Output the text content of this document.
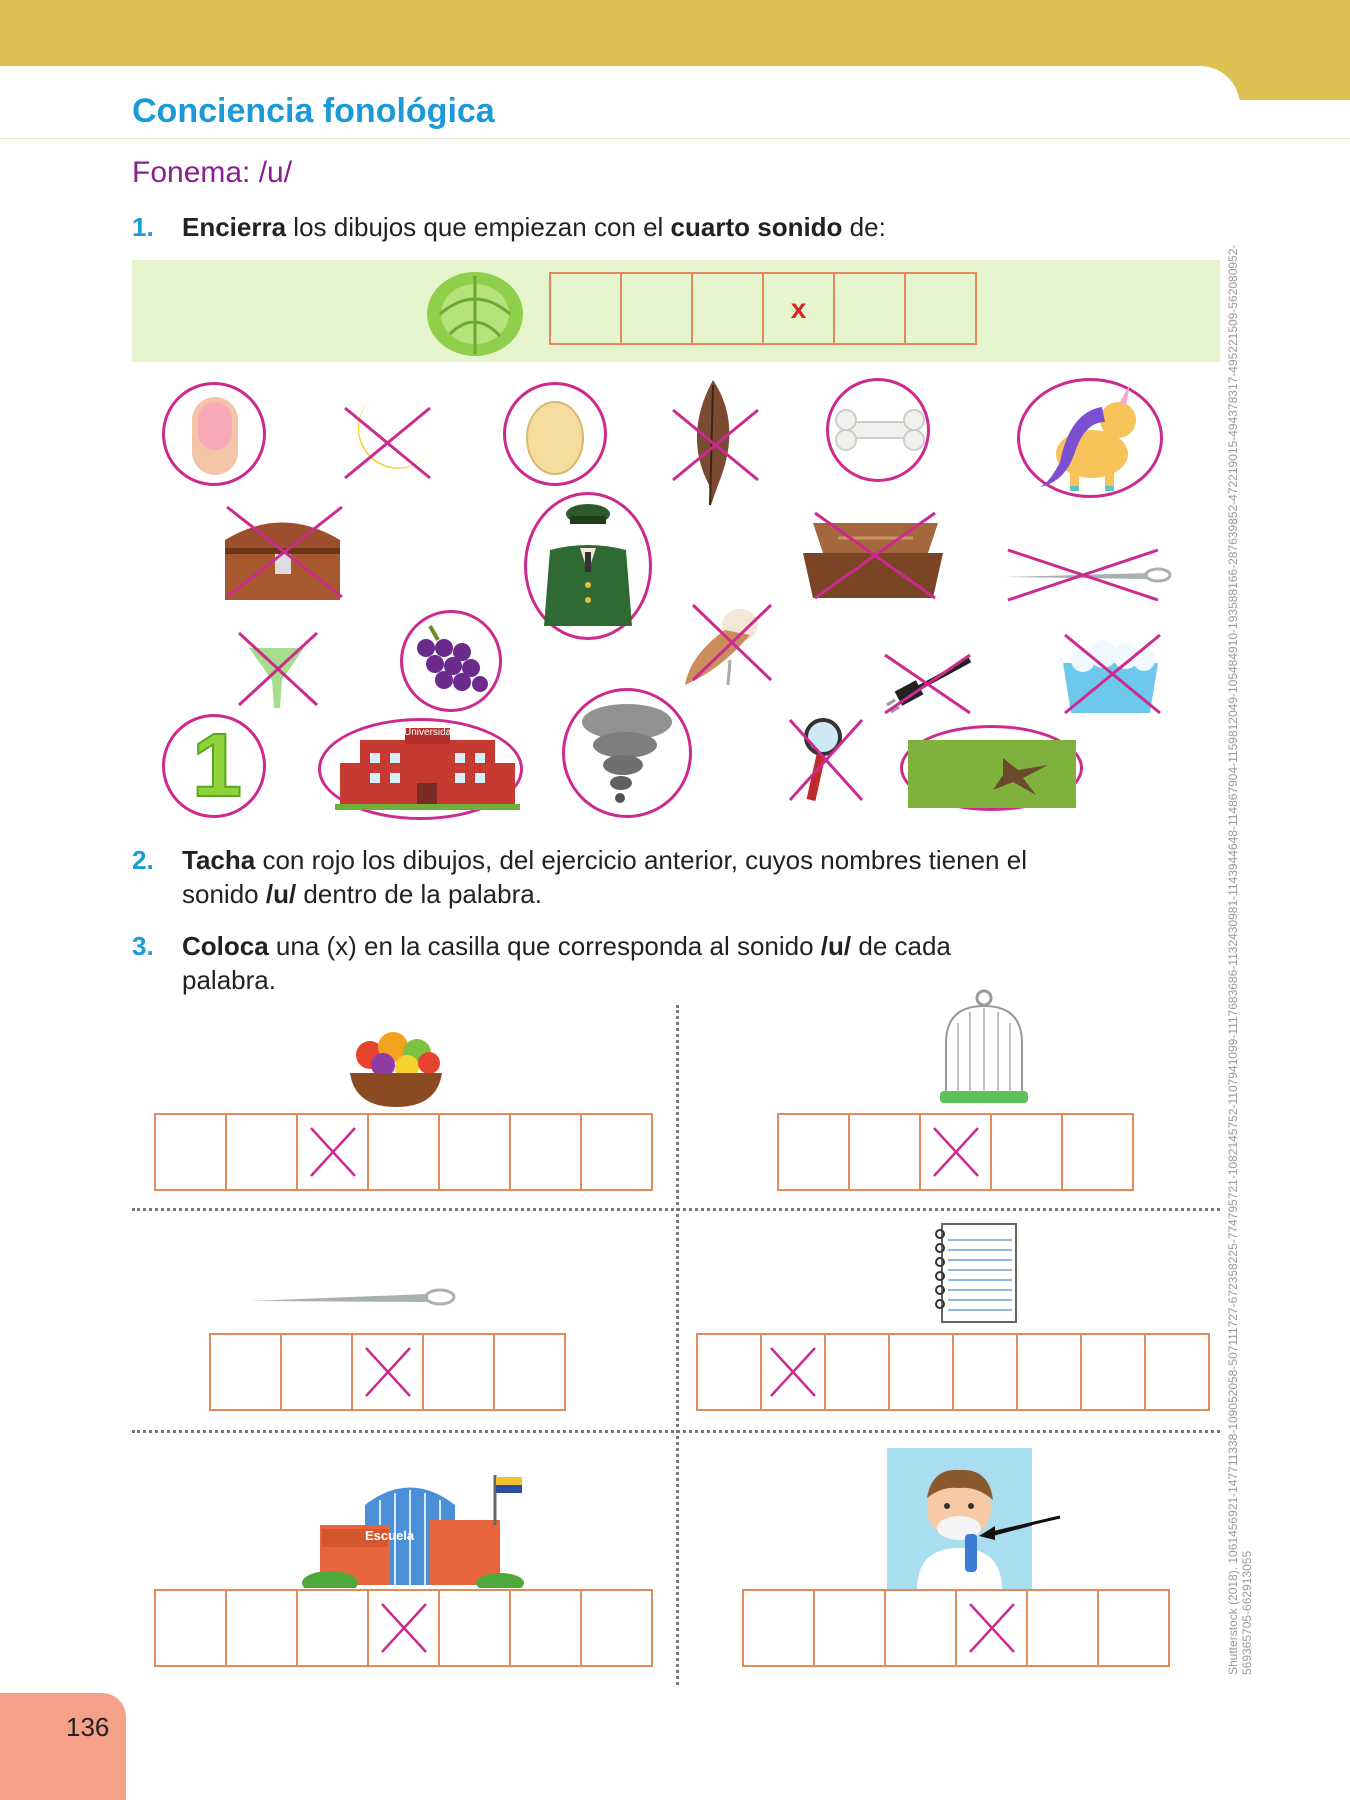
Conciencia fonológica
Fonema: /u/
1. Encierra los dibujos que empiezan con el cuarto sonido de:
x
1	Universidad
2. Tacha con rojo los dibujos, del ejercicio anterior, cuyos nombres tienen el
sonido /u/ dentro de la palabra.
3. Coloca una (x) en la casilla que corresponda al sonido /u/ de cada
palabra.
Escuela
136
Shutterstock (2018). 1061456921-147711338-109052058-507111727-672358225-774795721-1082145752-1107941099-1117683686-1132430981-1143944648-114867904-1159812049-105484910-193588166-287639852-472219015-494378317-495221509-562080952- 569365705-662913055
